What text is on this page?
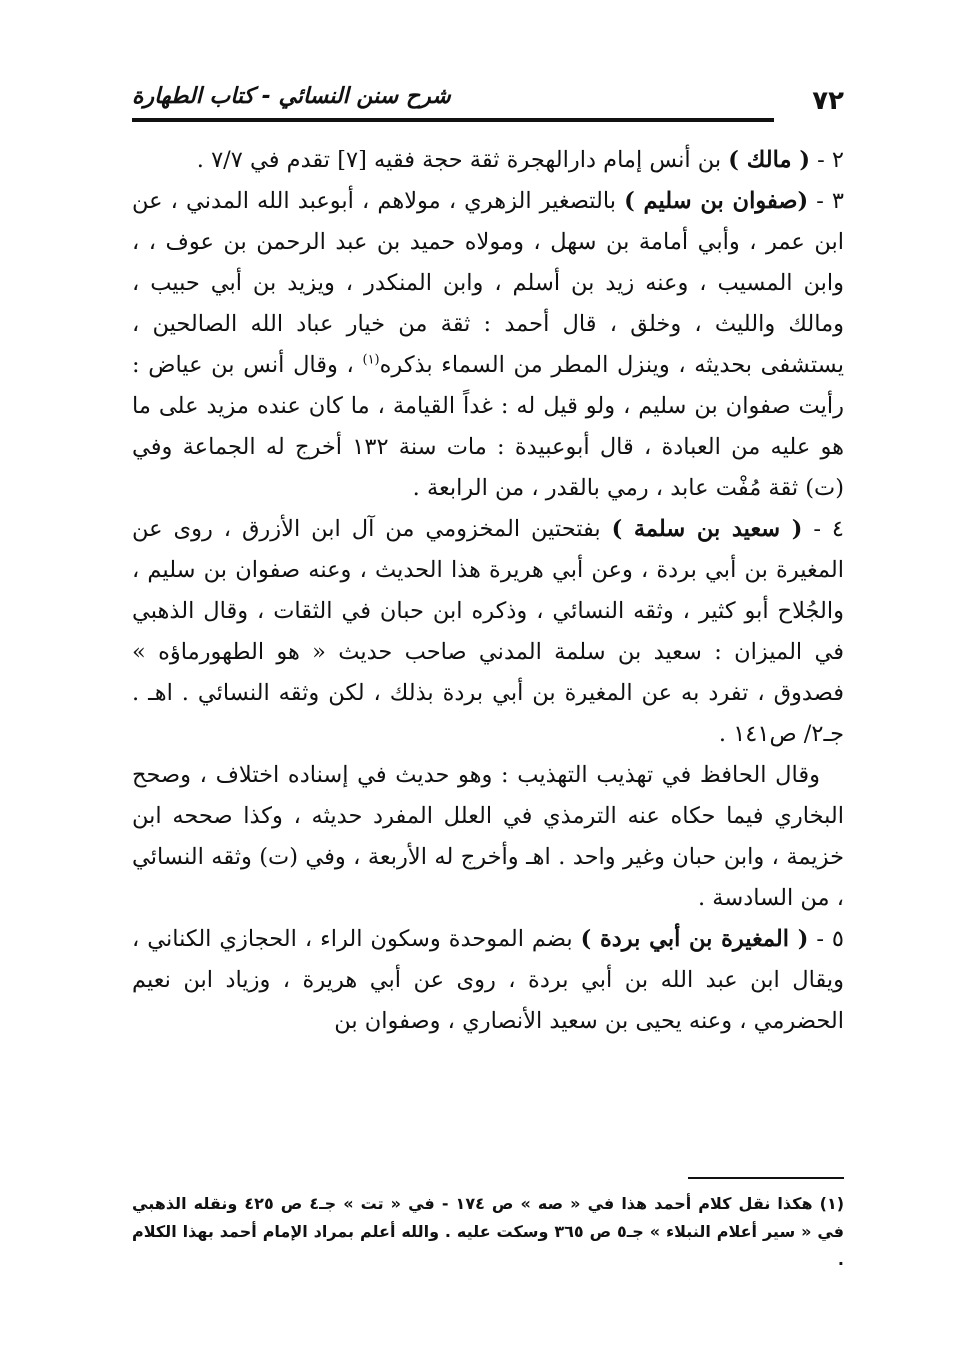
شرح سنن النسائي - كتاب الطهارة	٧٢

٢ - ( مالك ) بن أنس إمام دارالهجرة ثقة حجة فقيه [٧] تقدم في ٧/٧ .

٣ - (صفوان بن سليم ) بالتصغير الزهري ، مولاهم ، أبوعبد الله المدني ، عن ابن عمر ، وأبي أمامة بن سهل ، ومولاه حميد بن عبد الرحمن بن عوف ، ، وابن المسيب ، وعنه زيد بن أسلم ، وابن المنكدر ، ويزيد بن أبي حبيب ، ومالك والليث ، وخلق ، قال أحمد : ثقة من خيار عباد الله الصالحين ، يستشفى بحديثه ، وينزل المطر من السماء بذكره$^{(١)}$ ، وقال أنس بن عياض : رأيت صفوان بن سليم ، ولو قيل له : غداً القيامة ، ما كان عنده مزيد على ما هو عليه من العبادة ، قال أبوعبيدة : مات سنة ١٣٢ أخرج له الجماعة وفي (ت) ثقة مُفْت عابد ، رمي بالقدر ، من الرابعة .

٤ - ( سعيد بن سلمة ) بفتحتين المخزومي من آل ابن الأزرق ، روى عن المغيرة بن أبي بردة ، وعن أبي هريرة هذا الحديث ، وعنه صفوان بن سليم ، والجُلاح أبو كثير ، وثقه النسائي ، وذكره ابن حبان في الثقات ، وقال الذهبي في الميزان : سعيد بن سلمة المدني صاحب حديث « هو الطهورماؤه » فصدوق ، تفرد به عن المغيرة بن أبي بردة بذلك ، لكن وثقه النسائي . اهـ . جـ٢/ ص١٤١ .

وقال الحافظ في تهذيب التهذيب : وهو حديث في إسناده اختلاف ، وصحح البخاري فيما حكاه عنه الترمذي في العلل المفرد حديثه ، وكذا صححه ابن خزيمة ، وابن حبان وغير واحد . اهـ وأخرج له الأربعة ، وفي (ت) وثقه النسائي ، من السادسة .

٥ - ( المغيرة بن أبي بردة ) بضم الموحدة وسكون الراء ، الحجازي الكناني ، ويقال ابن عبد الله بن أبي بردة ، روى عن أبي هريرة ، وزياد ابن نعيم الحضرمي ، وعنه يحيى بن سعيد الأنصاري ، وصفوان بن

(١) هكذا نقل كلام أحمد هذا في « صه » ص ١٧٤ - في « تت » جـ٤ ص ٤٢٥ ونقله الذهبي في « سير أعلام النبلاء » جـ٥ ص ٣٦٥ وسكت عليه . والله أعلم بمراد الإمام أحمد بهذا الكلام .
